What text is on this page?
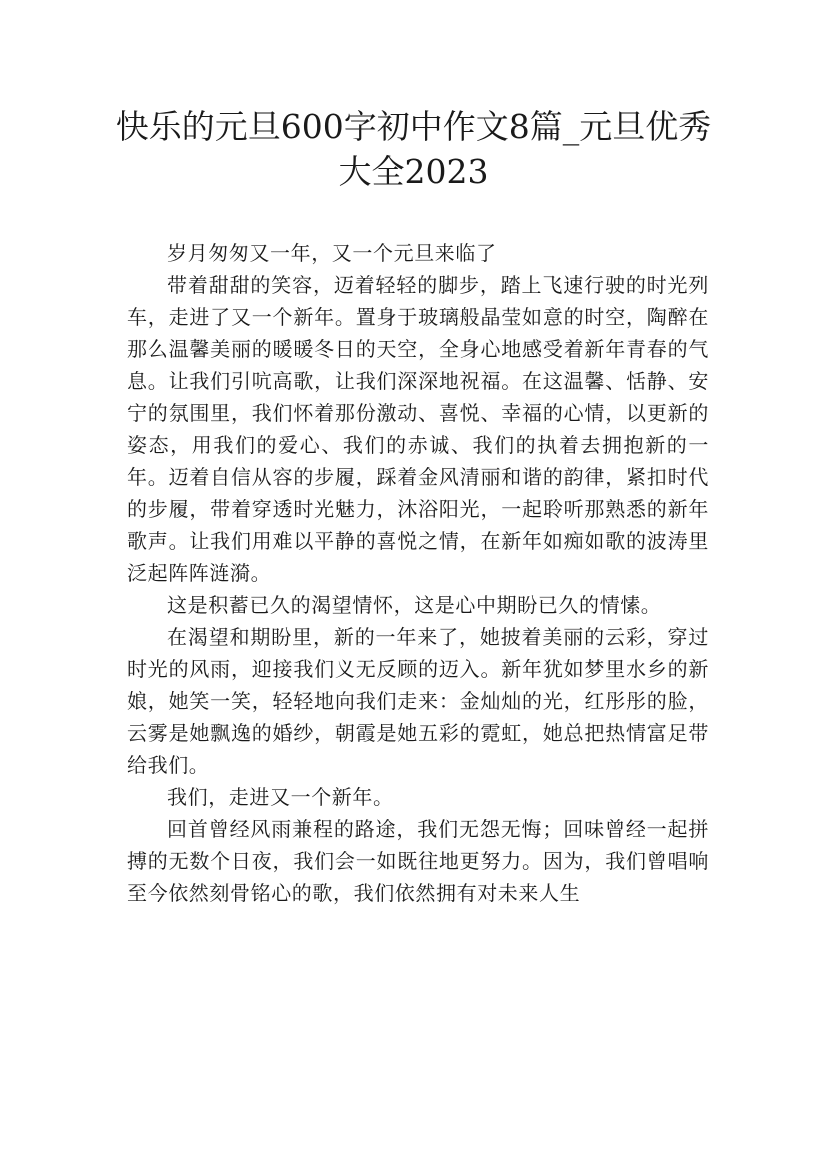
快乐的元旦600字初中作文8篇_元旦优秀
大全2023

岁月匆匆又一年，又一个元旦来临了

带着甜甜的笑容，迈着轻轻的脚步，踏上飞速行驶的时光列车，走进了又一个新年。置身于玻璃般晶莹如意的时空，陶醉在那么温馨美丽的暖暖冬日的天空，全身心地感受着新年青春的气息。让我们引吭高歌，让我们深深地祝福。在这温馨、恬静、安宁的氛围里，我们怀着那份激动、喜悦、幸福的心情，以更新的姿态，用我们的爱心、我们的赤诚、我们的执着去拥抱新的一年。迈着自信从容的步履，踩着金风清丽和谐的韵律，紧扣时代的步履，带着穿透时光魅力，沐浴阳光，一起聆听那熟悉的新年歌声。让我们用难以平静的喜悦之情，在新年如痴如歌的波涛里泛起阵阵涟漪。

这是积蓄已久的渴望情怀，这是心中期盼已久的情愫。

在渴望和期盼里，新的一年来了，她披着美丽的云彩，穿过时光的风雨，迎接我们义无反顾的迈入。新年犹如梦里水乡的新娘，她笑一笑，轻轻地向我们走来：金灿灿的光，红彤彤的脸，云雾是她飘逸的婚纱，朝霞是她五彩的霓虹，她总把热情富足带给我们。

我们，走进又一个新年。

回首曾经风雨兼程的路途，我们无怨无悔；回味曾经一起拼搏的无数个日夜，我们会一如既往地更努力。因为，我们曾唱响至今依然刻骨铭心的歌，我们依然拥有对未来人生
